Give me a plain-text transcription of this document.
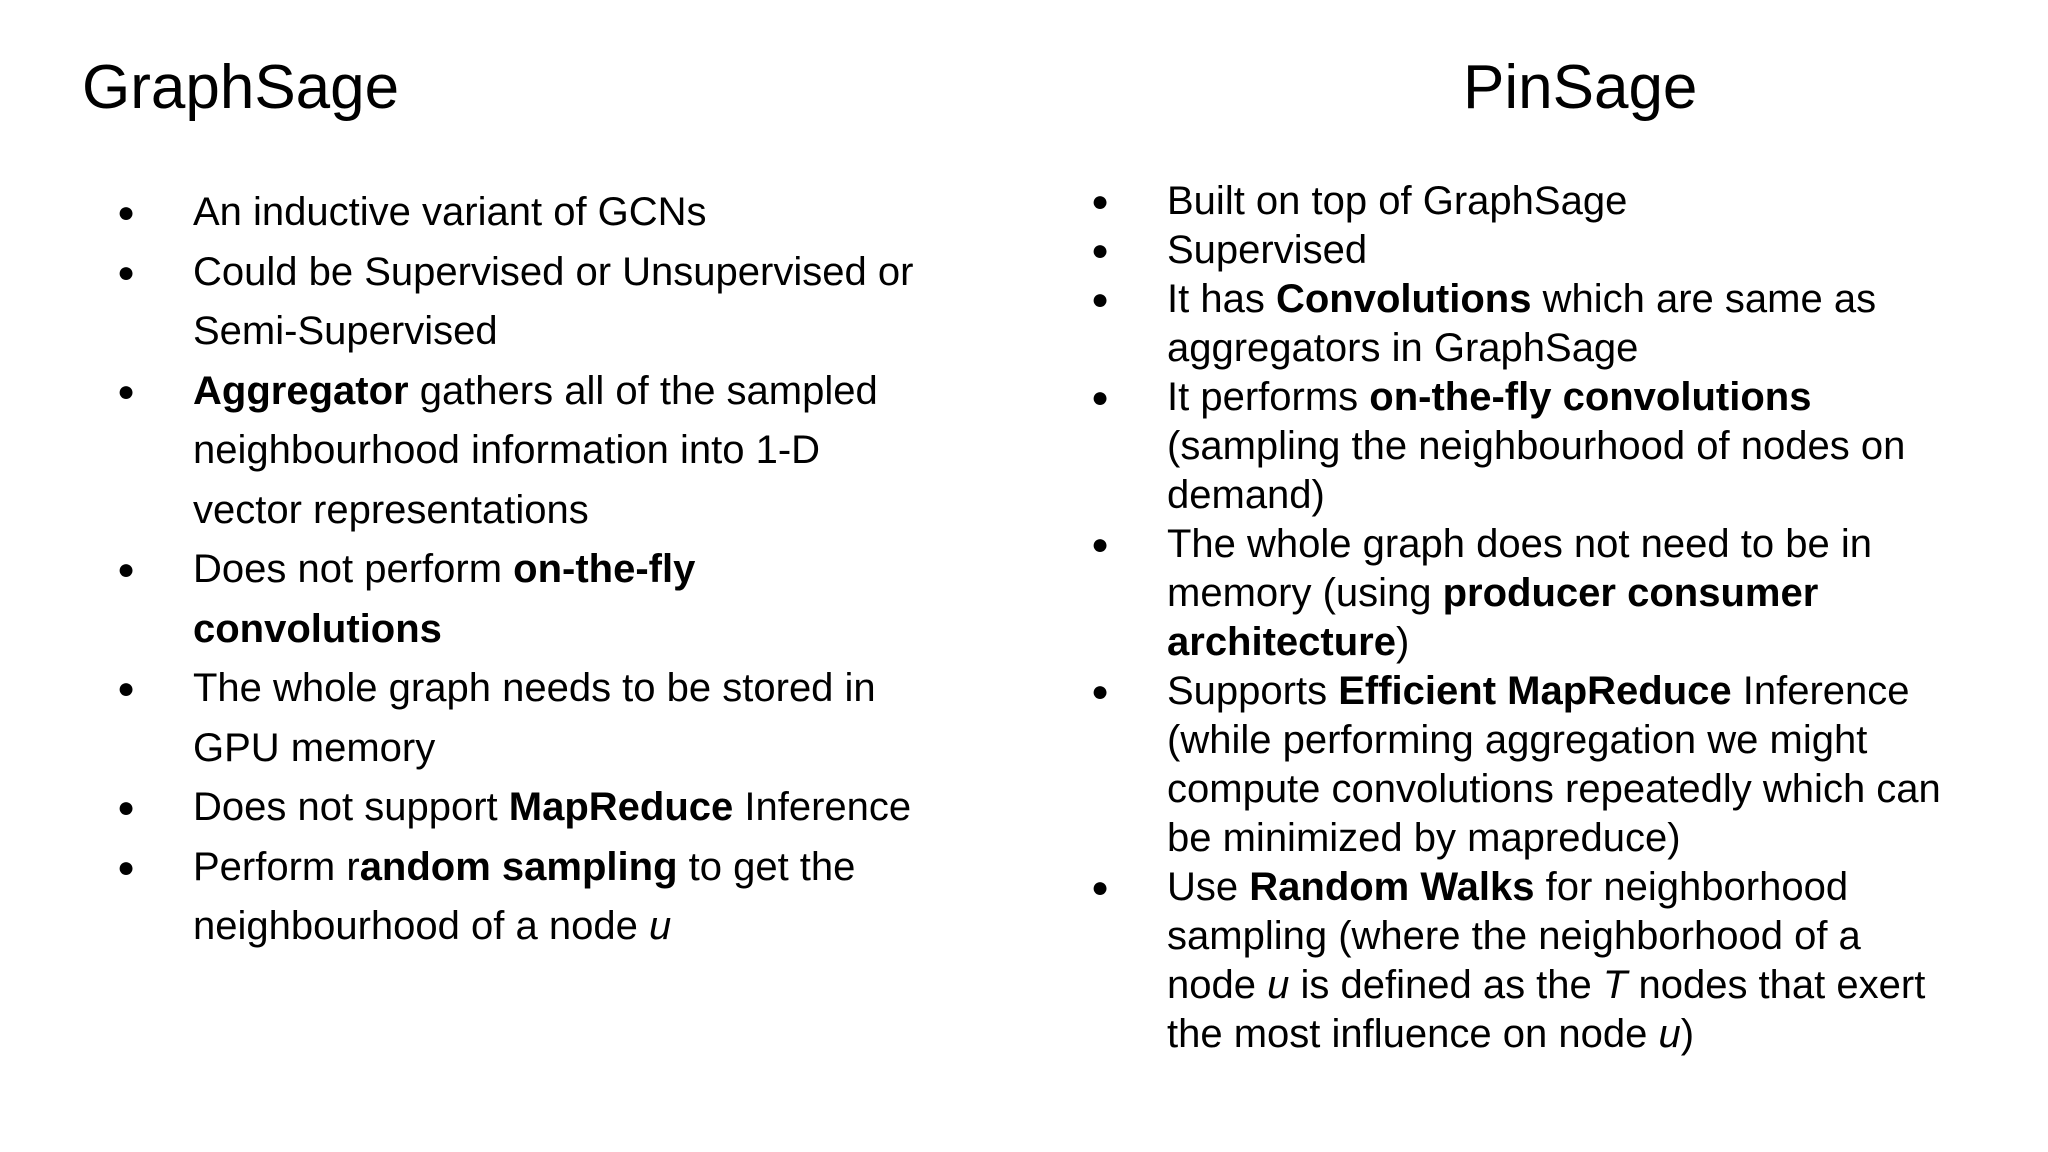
GraphSage
● An inductive variant of GCNs
● Could be Supervised or Unsupervised or
Semi-Supervised
● Aggregator gathers all of the sampled
neighbourhood information into 1-D
vector representations
● Does not perform on-the-fly
convolutions
● The whole graph needs to be stored in
GPU memory
● Does not support MapReduce Inference
● Perform random sampling to get the
neighbourhood of a node u
PinSage
● Built on top of GraphSage
● Supervised
● It has Convolutions which are same as
aggregators in GraphSage
● It performs on-the-fly convolutions
(sampling the neighbourhood of nodes on
demand)
● The whole graph does not need to be in
memory (using producer consumer
architecture)
● Supports Efficient MapReduce Inference
(while performing aggregation we might
compute convolutions repeatedly which can
be minimized by mapreduce)
● Use Random Walks for neighborhood
sampling (where the neighborhood of a
node u is defined as the T nodes that exert
the most influence on node u)
